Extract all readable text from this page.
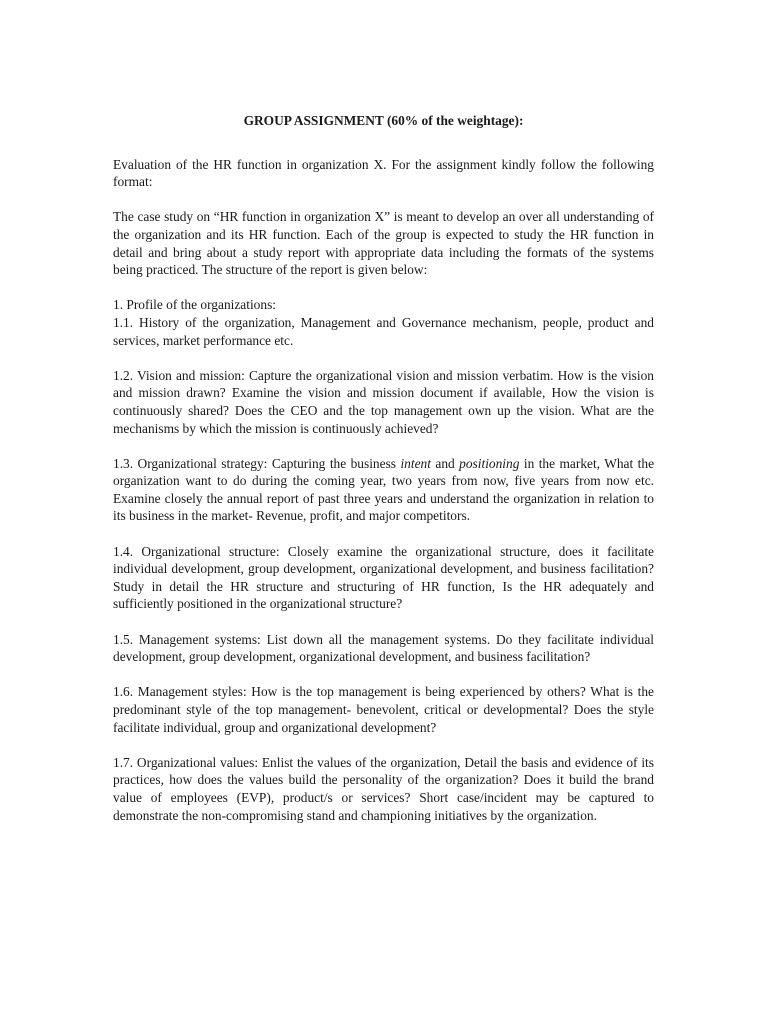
GROUP ASSIGNMENT (60% of the weightage):

Evaluation of the HR function in organization X. For the assignment kindly follow the following format:

The case study on “HR function in organization X” is meant to develop an over all understanding of the organization and its HR function. Each of the group is expected to study the HR function in detail and bring about a study report with appropriate data including the formats of the systems being practiced. The structure of the report is given below:

1. Profile of the organizations:

1.1. History of the organization, Management and Governance mechanism, people, product and services, market performance etc.

1.2. Vision and mission: Capture the organizational vision and mission verbatim. How is the vision and mission drawn? Examine the vision and mission document if available, How the vision is continuously shared? Does the CEO and the top management own up the vision. What are the mechanisms by which the mission is continuously achieved?

1.3. Organizational strategy: Capturing the business intent and positioning in the market, What the organization want to do during the coming year, two years from now, five years from now etc. Examine closely the annual report of past three years and understand the organization in relation to its business in the market- Revenue, profit, and major competitors.

1.4. Organizational structure: Closely examine the organizational structure, does it facilitate individual development, group development, organizational development, and business facilitation? Study in detail the HR structure and structuring of HR function, Is the HR adequately and sufficiently positioned in the organizational structure?

1.5. Management systems: List down all the management systems. Do they facilitate individual development, group development, organizational development, and business facilitation?

1.6. Management styles: How is the top management is being experienced by others? What is the predominant style of the top management- benevolent, critical or developmental? Does the style facilitate individual, group and organizational development?

1.7. Organizational values: Enlist the values of the organization, Detail the basis and evidence of its practices, how does the values build the personality of the organization? Does it build the brand value of employees (EVP), product/s or services? Short case/incident may be captured to demonstrate the non-compromising stand and championing initiatives by the organization.
